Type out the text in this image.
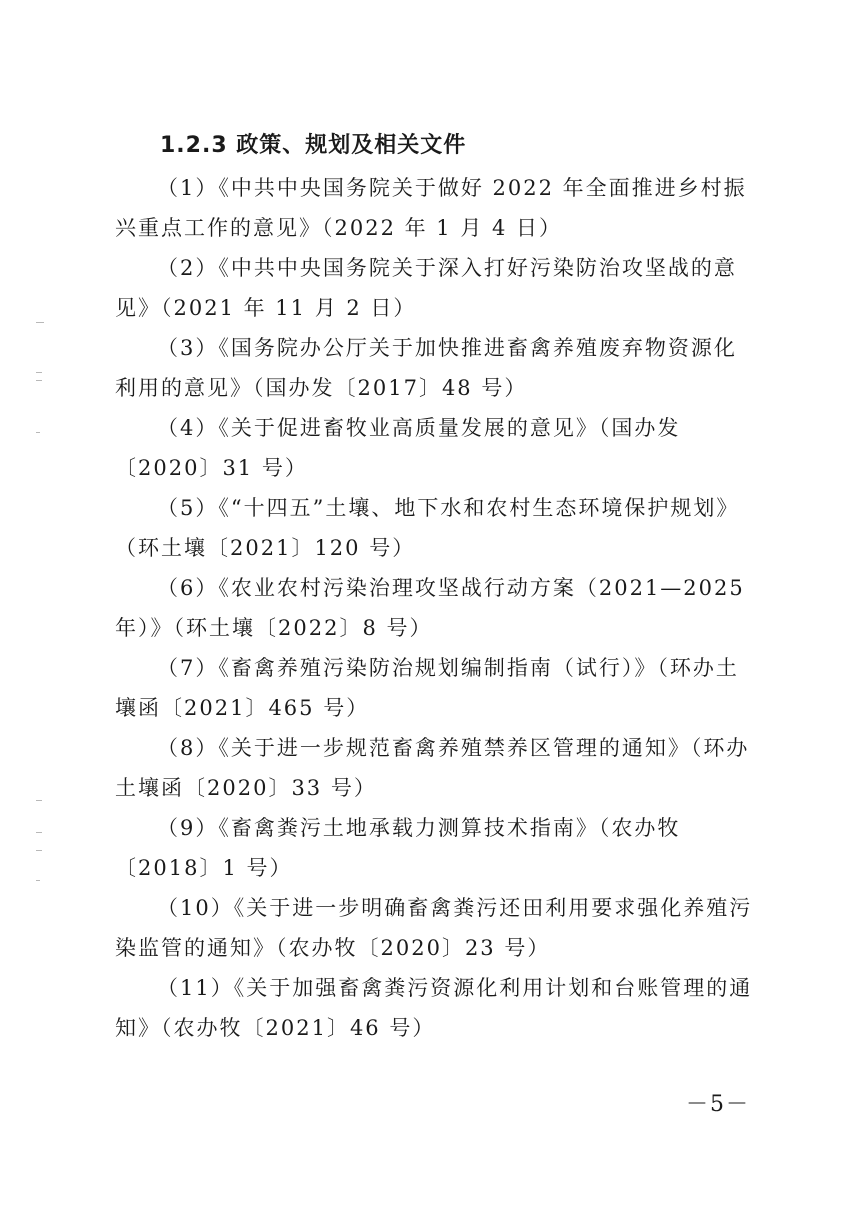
1.2.3 政策、规划及相关文件
（1）《中共中央国务院关于做好 2022 年全面推进乡村振兴重点工作的意见》（2022 年 1 月 4 日）
（2）《中共中央国务院关于深入打好污染防治攻坚战的意见》（2021 年 11 月 2 日）
（3）《国务院办公厅关于加快推进畜禽养殖废弃物资源化利用的意见》（国办发〔2017〕48 号）
（4）《关于促进畜牧业高质量发展的意见》（国办发〔2020〕31 号）
（5）《“十四五”土壤、地下水和农村生态环境保护规划》（环土壤〔2021〕120 号）
（6）《农业农村污染治理攻坚战行动方案（2021—2025 年）》（环土壤〔2022〕8 号）
（7）《畜禽养殖污染防治规划编制指南（试行）》（环办土壤函〔2021〕465 号）
（8）《关于进一步规范畜禽养殖禁养区管理的通知》（环办土壤函〔2020〕33 号）
（9）《畜禽粪污土地承载力测算技术指南》（农办牧〔2018〕1 号）
（10）《关于进一步明确畜禽粪污还田利用要求强化养殖污染监管的通知》（农办牧〔2020〕23 号）
（11）《关于加强畜禽粪污资源化利用计划和台账管理的通知》（农办牧〔2021〕46 号）
－5－
